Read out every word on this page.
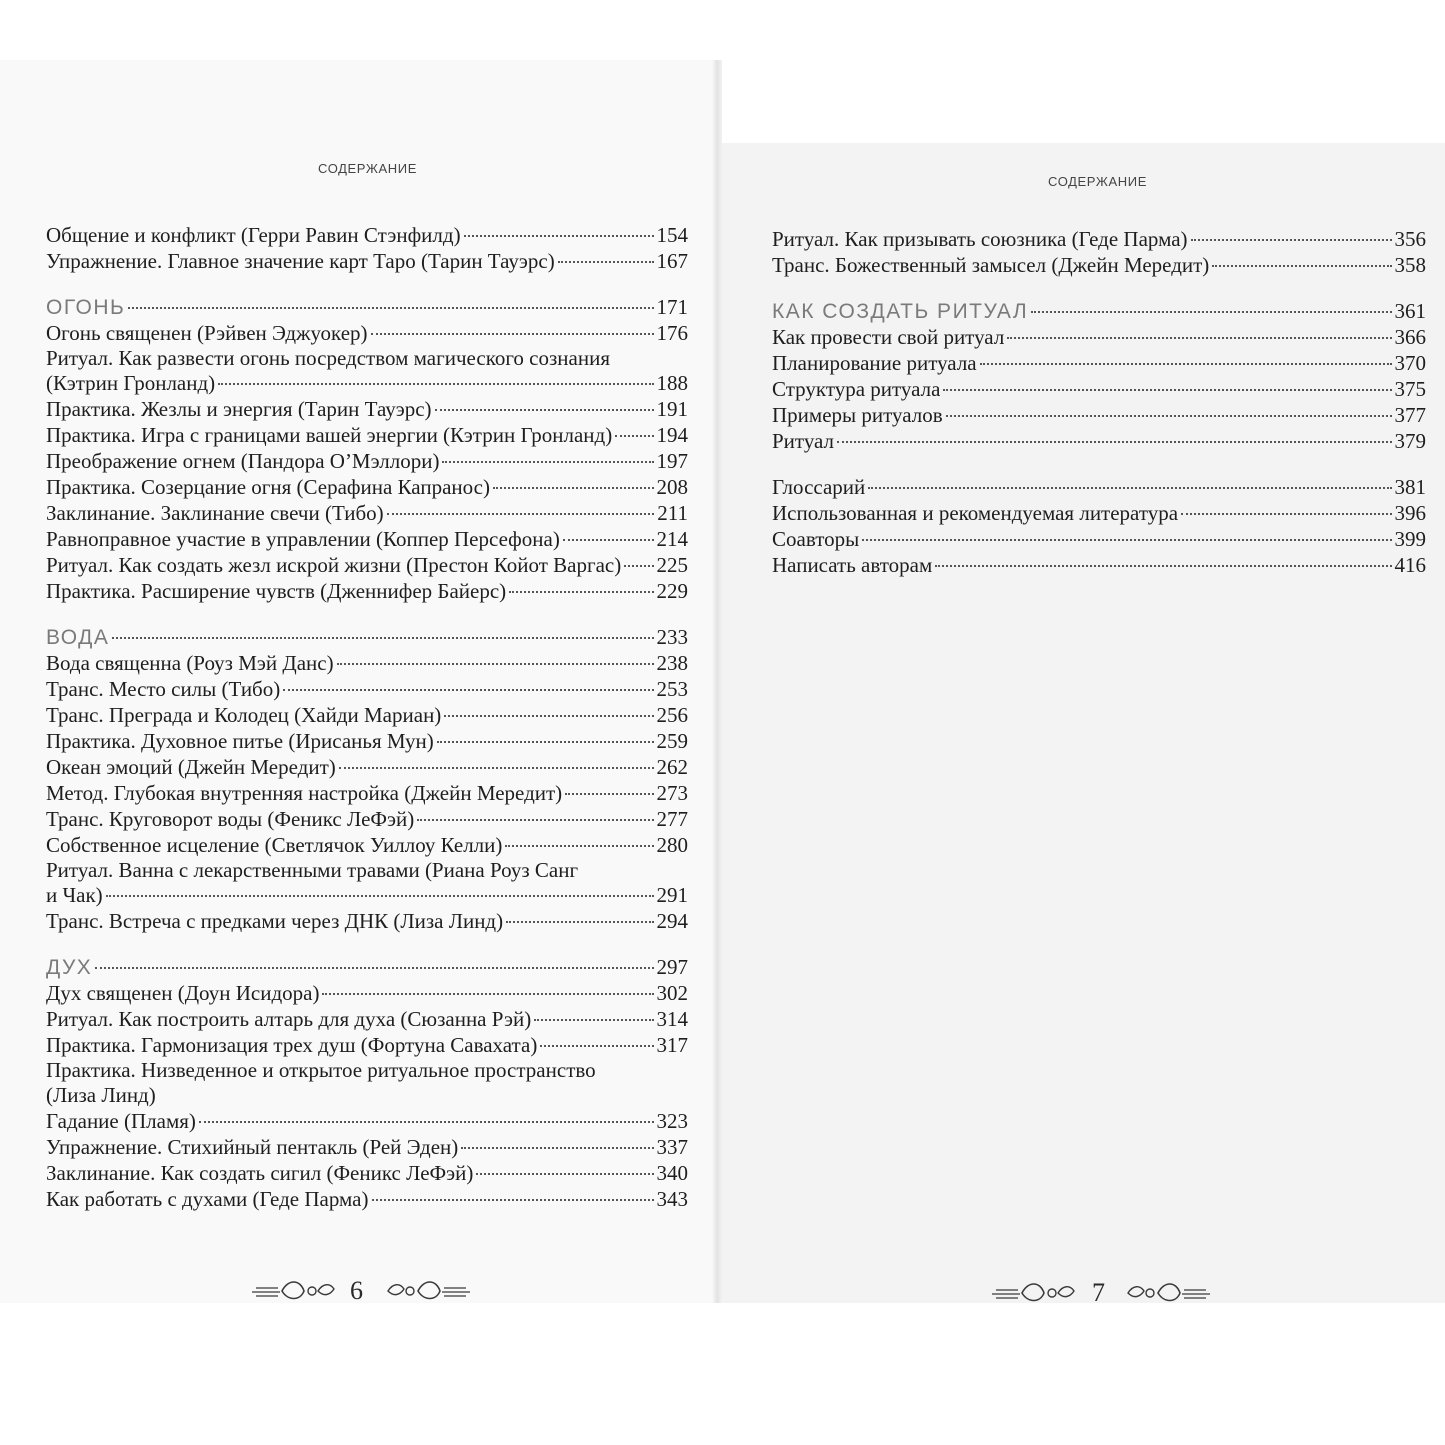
СОДЕРЖАНИЕ
СОДЕРЖАНИЕ
Общение и конфликт (Герри Равин Стэнфилд)	154
Упражнение. Главное значение карт Таро (Тарин Тауэрс)	167
ОГОНЬ	171
Огонь священен (Рэйвен Эджуокер)	176
Ритуал. Как развести огонь посредством магического сознания
(Кэтрин Гронланд)	188
Практика. Жезлы и энергия (Тарин Тауэрс)	191
Практика. Игра с границами вашей энергии (Кэтрин Гронланд) 194
Преображение огнем (Пандора О’Мэллори)	197
Практика. Созерцание огня (Серафина Капранос)	208
Заклинание. Заклинание свечи (Тибо)	211
Равноправное участие в управлении (Коппер Персефона)	214
Ритуал. Как создать жезл искрой жизни (Престон Койот Варгас) 225
Практика. Расширение чувств (Дженнифер Байерс)	229
ВОДА	233
Вода священна (Роуз Мэй Данс)	238
Транс. Место силы (Тибо)	253
Транс. Преграда и Колодец (Хайди Мариан)	256
Практика. Духовное питье (Ирисанья Мун)	259
Океан эмоций (Джейн Мередит)	262
Метод. Глубокая внутренняя настройка (Джейн Мередит)	273
Транс. Круговорот воды (Феникс ЛеФэй)	277
Собственное исцеление (Светлячок Уиллоу Келли)	280
Ритуал. Ванна с лекарственными травами (Риана Роуз Санг
и Чак)	291
Транс. Встреча с предками через ДНК (Лиза Линд)	294
ДУХ	297
Дух священен (Доун Исидора)	302
Ритуал. Как построить алтарь для духа (Сюзанна Рэй)	314
Практика. Гармонизация трех душ (Фортуна Савахата)	317
Практика. Низведенное и открытое ритуальное пространство
(Лиза Линд)
Гадание (Пламя)	323
Упражнение. Стихийный пентакль (Рей Эден)	337
Заклинание. Как создать сигил (Феникс ЛеФэй)	340
Как работать с духами (Геде Парма)	343
Ритуал. Как призывать союзника (Геде Парма)	356
Транс. Божественный замысел (Джейн Мередит)	358
КАК СОЗДАТЬ РИТУАЛ	361
Как провести свой ритуал	366
Планирование ритуала	370
Структура ритуала	375
Примеры ритуалов	377
Ритуал	379
Глоссарий	381
Использованная и рекомендуемая литература	396
Соавторы	399
Написать авторам	416
6	7
